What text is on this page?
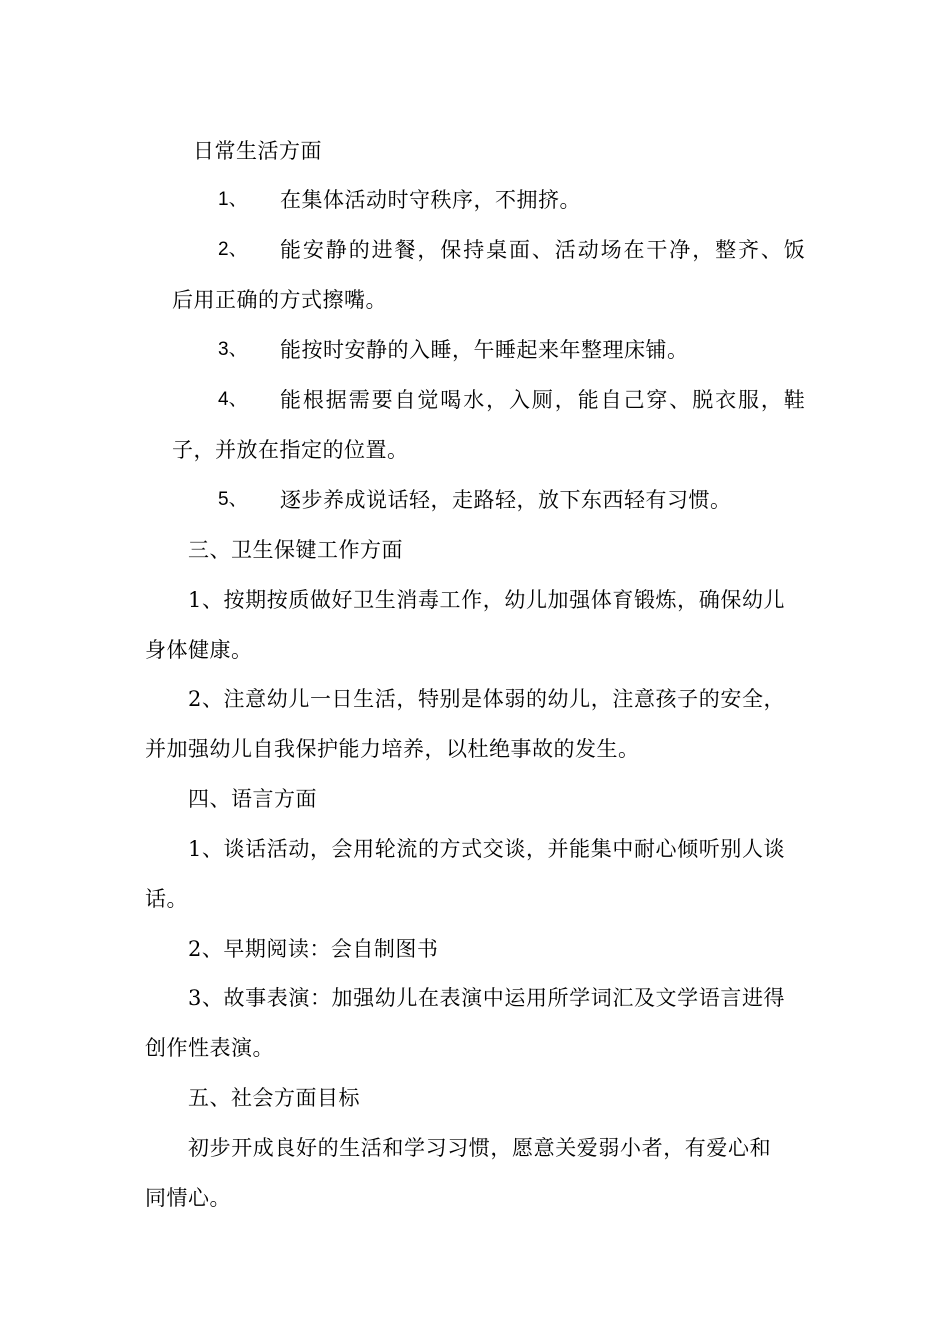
日常生活方面
1、 在集体活动时守秩序，不拥挤。
2、 能安静的进餐，保持桌面、活动场在干净，整齐、饭
后用正确的方式擦嘴。
3、 能按时安静的入睡，午睡起来年整理床铺。
4、 能根据需要自觉喝水，入厕，能自己穿、脱衣服，鞋
子，并放在指定的位置。
5、 逐步养成说话轻，走路轻，放下东西轻有习惯。
三、卫生保键工作方面
1、按期按质做好卫生消毒工作，幼儿加强体育锻炼，确保幼儿
身体健康。
2、注意幼儿一日生活，特别是体弱的幼儿，注意孩子的安全，
并加强幼儿自我保护能力培养，以杜绝事故的发生。
四、语言方面
1、谈话活动，会用轮流的方式交谈，并能集中耐心倾听别人谈
话。
2、早期阅读：会自制图书
3、故事表演：加强幼儿在表演中运用所学词汇及文学语言进得
创作性表演。
五、社会方面目标
初步开成良好的生活和学习习惯，愿意关爱弱小者，有爱心和
同情心。
